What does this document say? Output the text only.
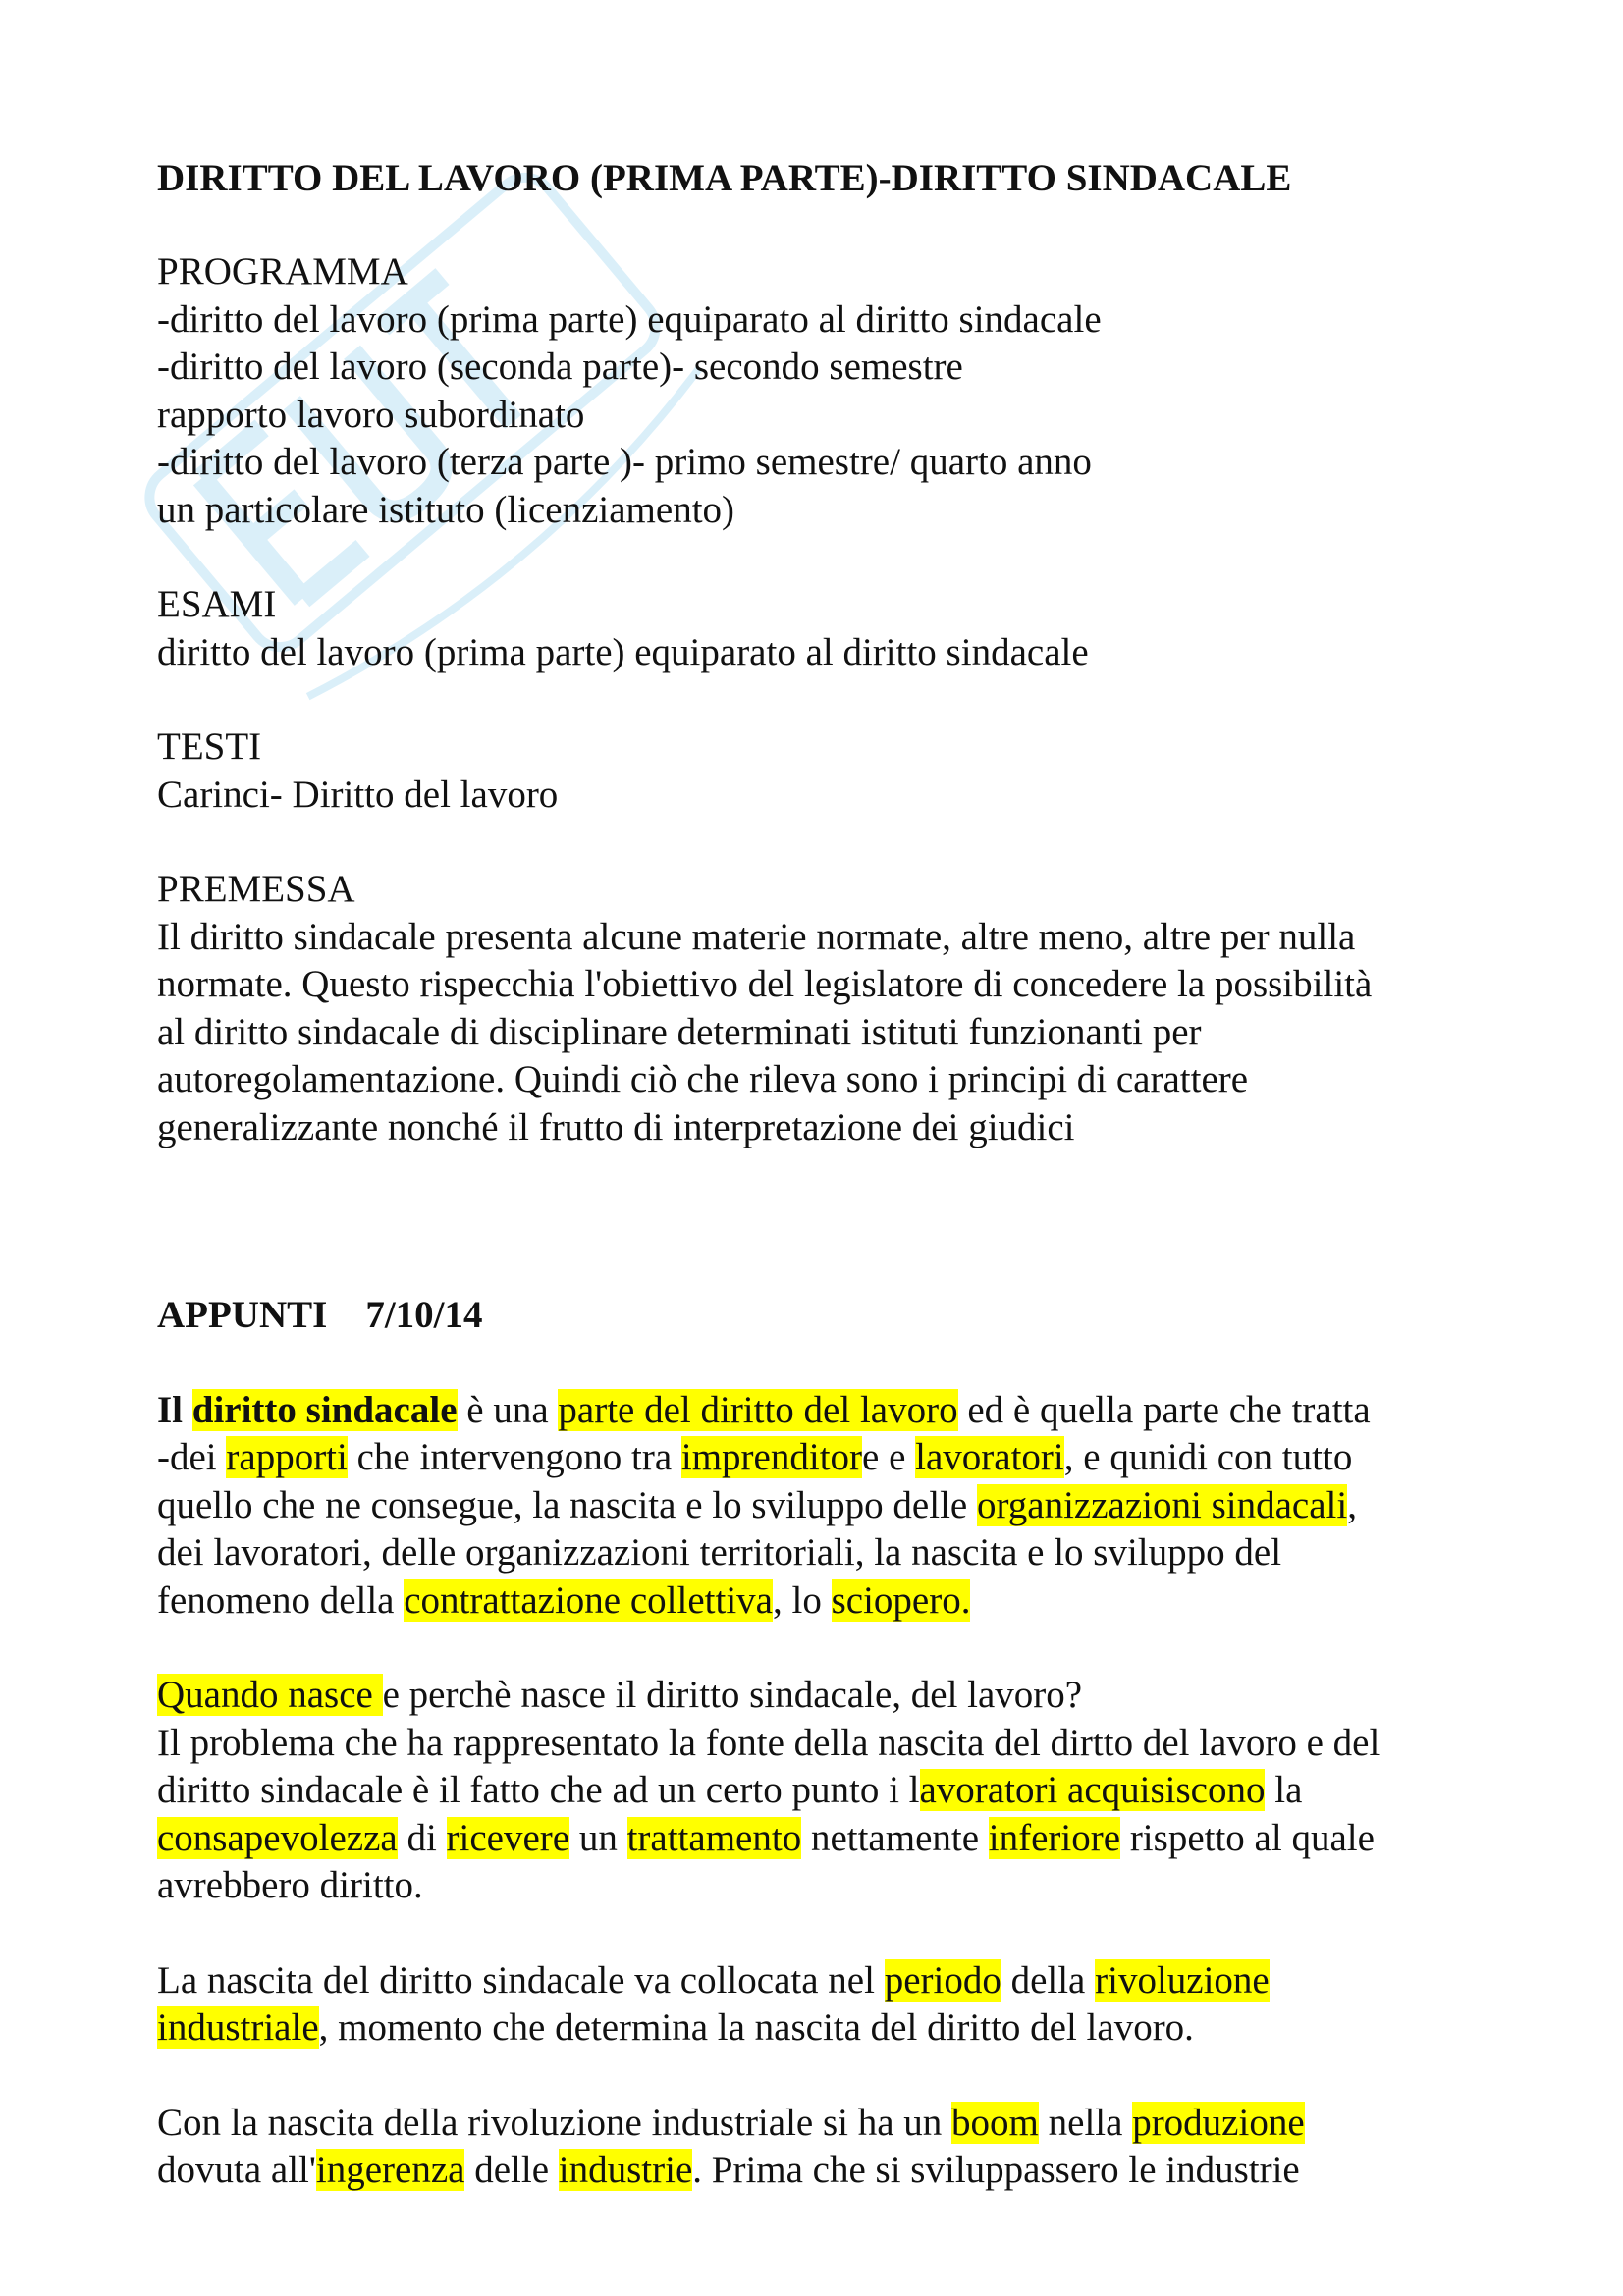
DIRITTO DEL LAVORO (PRIMA PARTE)-DIRITTO SINDACALE
PROGRAMMA
-diritto del lavoro (prima parte) equiparato al diritto sindacale
-diritto del lavoro (seconda parte)- secondo semestre
rapporto lavoro subordinato
-diritto del lavoro (terza parte )- primo semestre/ quarto anno
un particolare istituto (licenziamento)
ESAMI
diritto del lavoro (prima parte) equiparato al diritto sindacale
TESTI
Carinci- Diritto del lavoro
PREMESSA
Il diritto sindacale presenta alcune materie normate, altre meno, altre per nulla
normate. Questo rispecchia l'obiettivo del legislatore di concedere la possibilità
al diritto sindacale di disciplinare determinati istituti funzionanti per
autoregolamentazione. Quindi ciò che rileva sono i principi di carattere
generalizzante nonché il frutto di interpretazione dei giudici
APPUNTI 7/10/14
Il diritto sindacale è una parte del diritto del lavoro ed è quella parte che tratta
-dei rapporti che intervengono tra imprenditore e lavoratori, e qunidi con tutto
quello che ne consegue, la nascita e lo sviluppo delle organizzazioni sindacali,
dei lavoratori, delle organizzazioni territoriali, la nascita e lo sviluppo del
fenomeno della contrattazione collettiva, lo sciopero.
Quando nasce e perchè nasce il diritto sindacale, del lavoro?
Il problema che ha rappresentato la fonte della nascita del dirtto del lavoro e del
diritto sindacale è il fatto che ad un certo punto i lavoratori acquisiscono la
consapevolezza di ricevere un trattamento nettamente inferiore rispetto al quale
avrebbero diritto.
La nascita del diritto sindacale va collocata nel periodo della rivoluzione
industriale, momento che determina la nascita del diritto del lavoro.
Con la nascita della rivoluzione industriale si ha un boom nella produzione
dovuta all'ingerenza delle industrie. Prima che si sviluppassero le industrie
